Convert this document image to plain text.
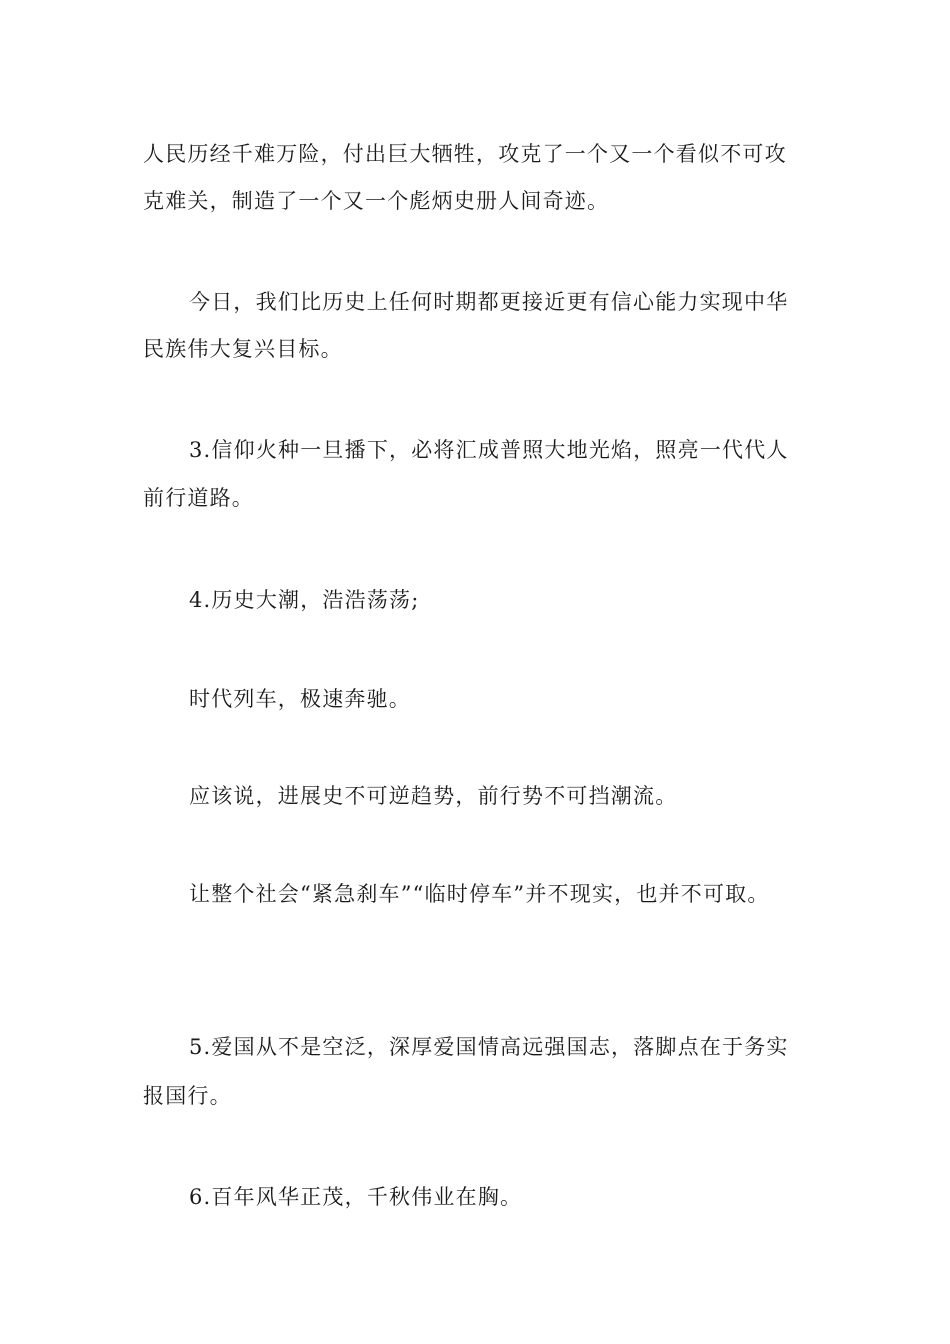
人民历经千难万险，付出巨大牺牲，攻克了一个又一个看似不可攻

克难关，制造了一个又一个彪炳史册人间奇迹。

今日，我们比历史上任何时期都更接近更有信心能力实现中华

民族伟大复兴目标。

3.信仰火种一旦播下，必将汇成普照大地光焰，照亮一代代人

前行道路。

4.历史大潮，浩浩荡荡;

时代列车，极速奔驰。

应该说，进展史不可逆趋势，前行势不可挡潮流。

让整个社会“紧急刹车”“临时停车”并不现实，也并不可取。

5.爱国从不是空泛，深厚爱国情高远强国志，落脚点在于务实

报国行。

6.百年风华正茂，千秋伟业在胸。
